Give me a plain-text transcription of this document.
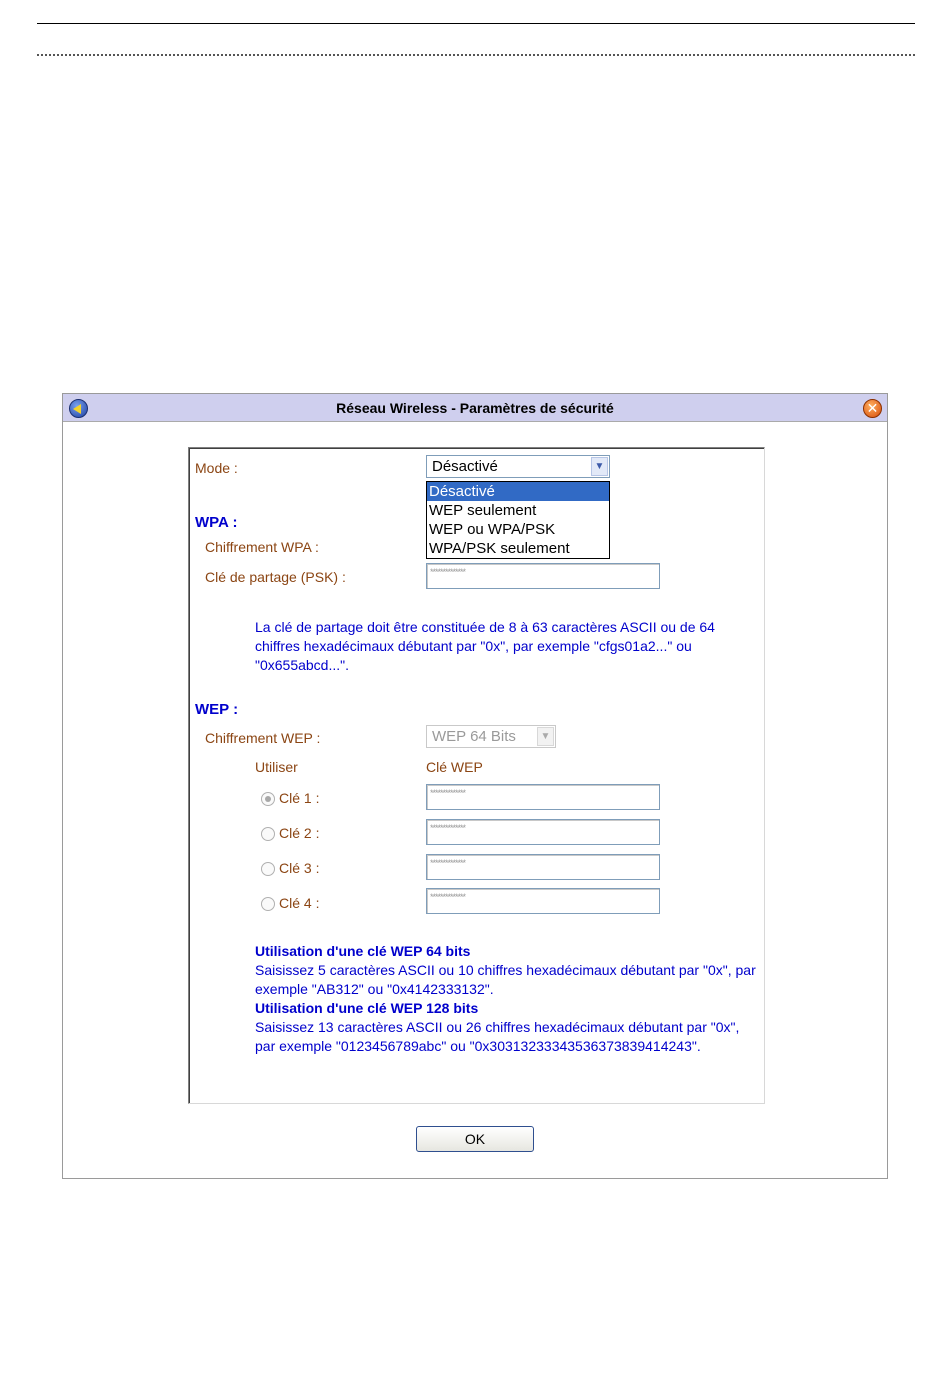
Réseau Wireless - Paramètres de sécurité	✕
Mode :	Désactivé	▼
WPA :
Chiffrement WPA :
Clé de partage (PSK) :	**************
La clé de partage doit être constituée de 8 à 63 caractères ASCII ou de 64 chiffres hexadécimaux débutant par "0x", par exemple "cfgs01a2..." ou "0x655abcd...".
WEP :
Chiffrement WEP :	WEP 64 Bits	▼
Utiliser	Clé WEP
Clé 1 :	**************
Clé 2 :	**************
Clé 3 :	**************
Clé 4 :	**************
Utilisation d'une clé WEP 64 bits
Saisissez 5 caractères ASCII ou 10 chiffres hexadécimaux débutant par "0x", par exemple "AB312" ou "0x4142333132".
Utilisation d'une clé WEP 128 bits
Saisissez 13 caractères ASCII ou 26 chiffres hexadécimaux débutant par "0x", par exemple "0123456789abc" ou "0x30313233343536373839414243".
Désactivé
WEP seulement
WEP ou WPA/PSK
WPA/PSK seulement
OK
